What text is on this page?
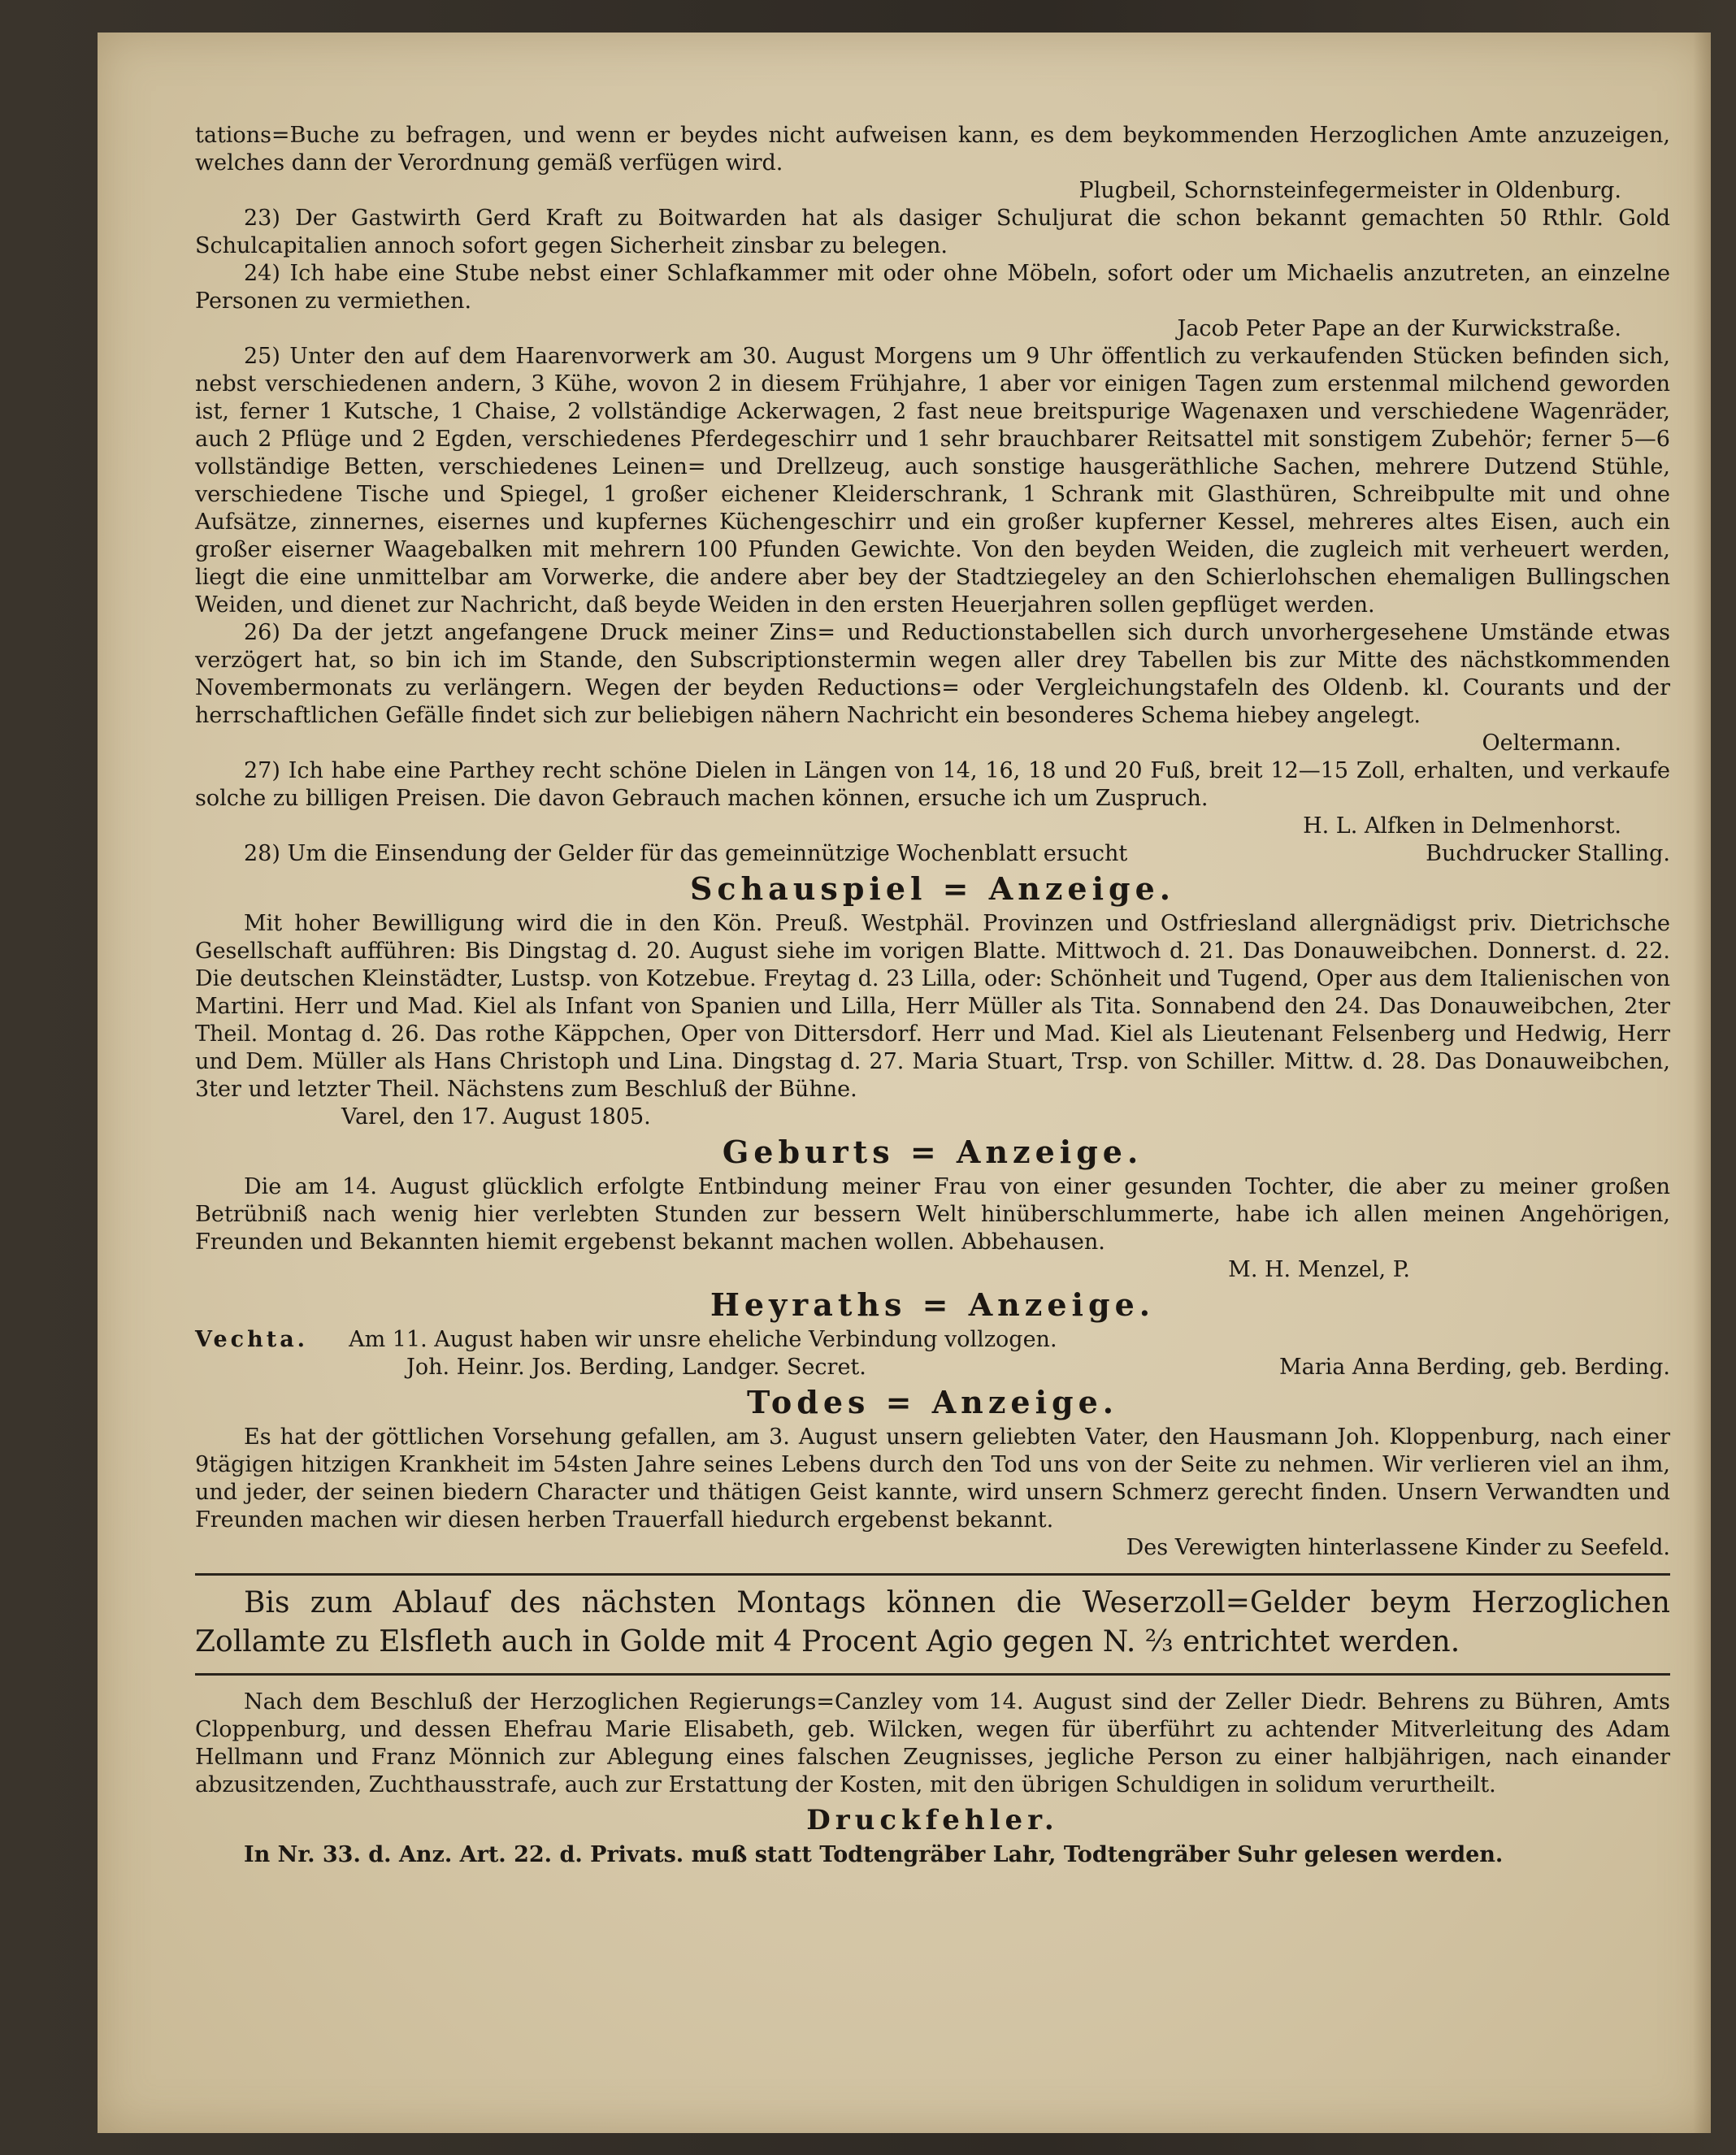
tations=Buche zu befragen, und wenn er beydes nicht aufweisen kann, es dem beykommenden Herzoglichen Amte anzuzeigen, welches dann der Verordnung gemäß verfügen wird.

Plugbeil, Schornsteinfegermeister in Oldenburg.

23) Der Gastwirth Gerd Kraft zu Boitwarden hat als dasiger Schuljurat die schon bekannt gemachten 50 Rthlr. Gold Schulcapitalien annoch sofort gegen Sicherheit zinsbar zu belegen.

24) Ich habe eine Stube nebst einer Schlafkammer mit oder ohne Möbeln, sofort oder um Michaelis anzutreten, an einzelne Personen zu vermiethen.

Jacob Peter Pape an der Kurwickstraße.

25) Unter den auf dem Haarenvorwerk am 30. August Morgens um 9 Uhr öffentlich zu verkaufenden Stücken befinden sich, nebst verschiedenen andern, 3 Kühe, wovon 2 in diesem Frühjahre, 1 aber vor einigen Tagen zum erstenmal milchend geworden ist, ferner 1 Kutsche, 1 Chaise, 2 vollständige Ackerwagen, 2 fast neue breitspurige Wagenaxen und verschiedene Wagenräder, auch 2 Pflüge und 2 Egden, verschiedenes Pferdegeschirr und 1 sehr brauchbarer Reitsattel mit sonstigem Zubehör; ferner 5—6 vollständige Betten, verschiedenes Leinen= und Drellzeug, auch sonstige hausgeräthliche Sachen, mehrere Dutzend Stühle, verschiedene Tische und Spiegel, 1 großer eichener Kleiderschrank, 1 Schrank mit Glasthüren, Schreibpulte mit und ohne Aufsätze, zinnernes, eisernes und kupfernes Küchengeschirr und ein großer kupferner Kessel, mehreres altes Eisen, auch ein großer eiserner Waagebalken mit mehrern 100 Pfunden Gewichte. Von den beyden Weiden, die zugleich mit verheuert werden, liegt die eine unmittelbar am Vorwerke, die andere aber bey der Stadtziegeley an den Schierlohschen ehemaligen Bullingschen Weiden, und dienet zur Nachricht, daß beyde Weiden in den ersten Heuerjahren sollen gepflüget werden.

26) Da der jetzt angefangene Druck meiner Zins= und Reductionstabellen sich durch unvorhergesehene Umstände etwas verzögert hat, so bin ich im Stande, den Subscriptionstermin wegen aller drey Tabellen bis zur Mitte des nächstkommenden Novembermonats zu verlängern. Wegen der beyden Reductions= oder Vergleichungstafeln des Oldenb. kl. Courants und der herrschaftlichen Gefälle findet sich zur beliebigen nähern Nachricht ein besonderes Schema hiebey angelegt.

Oeltermann.

27) Ich habe eine Parthey recht schöne Dielen in Längen von 14, 16, 18 und 20 Fuß, breit 12—15 Zoll, erhalten, und verkaufe solche zu billigen Preisen. Die davon Gebrauch machen können, ersuche ich um Zuspruch.

H. L. Alfken in Delmenhorst.

28) Um die Einsendung der Gelder für das gemeinnützige Wochenblatt ersucht	Buchdrucker Stalling.
Schauspiel = Anzeige.

Mit hoher Bewilligung wird die in den Kön. Preuß. Westphäl. Provinzen und Ostfriesland allergnädigst priv. Dietrichsche Gesellschaft aufführen: Bis Dingstag d. 20. August siehe im vorigen Blatte. Mittwoch d. 21. Das Donauweibchen. Donnerst. d. 22. Die deutschen Kleinstädter, Lustsp. von Kotzebue. Freytag d. 23 Lilla, oder: Schönheit und Tugend, Oper aus dem Italienischen von Martini. Herr und Mad. Kiel als Infant von Spanien und Lilla, Herr Müller als Tita. Sonnabend den 24. Das Donauweibchen, 2ter Theil. Montag d. 26. Das rothe Käppchen, Oper von Dittersdorf. Herr und Mad. Kiel als Lieutenant Felsenberg und Hedwig, Herr und Dem. Müller als Hans Christoph und Lina. Dingstag d. 27. Maria Stuart, Trsp. von Schiller. Mittw. d. 28. Das Donauweibchen, 3ter und letzter Theil. Nächstens zum Beschluß der Bühne.

Varel, den 17. August 1805.

Geburts = Anzeige.

Die am 14. August glücklich erfolgte Entbindung meiner Frau von einer gesunden Tochter, die aber zu meiner großen Betrübniß nach wenig hier verlebten Stunden zur bessern Welt hinüberschlummerte, habe ich allen meinen Angehörigen, Freunden und Bekannten hiemit ergebenst bekannt machen wollen. Abbehausen.

M. H. Menzel, P.

Heyraths = Anzeige.
Vechta. Am 11. August haben wir unsre eheliche Verbindung vollzogen.
Joh. Heinr. Jos. Berding, Landger. Secret.	Maria Anna Berding, geb. Berding.
Todes = Anzeige.

Es hat der göttlichen Vorsehung gefallen, am 3. August unsern geliebten Vater, den Hausmann Joh. Kloppenburg, nach einer 9tägigen hitzigen Krankheit im 54sten Jahre seines Lebens durch den Tod uns von der Seite zu nehmen. Wir verlieren viel an ihm, und jeder, der seinen biedern Character und thätigen Geist kannte, wird unsern Schmerz gerecht finden. Unsern Verwandten und Freunden machen wir diesen herben Trauerfall hiedurch ergebenst bekannt.

Des Verewigten hinterlassene Kinder zu Seefeld.

Bis zum Ablauf des nächsten Montags können die Weserzoll=Gelder beym Herzoglichen Zollamte zu Elsfleth auch in Golde mit 4 Procent Agio gegen N. ⅔ entrichtet werden.

Nach dem Beschluß der Herzoglichen Regierungs=Canzley vom 14. August sind der Zeller Diedr. Behrens zu Bühren, Amts Cloppenburg, und dessen Ehefrau Marie Elisabeth, geb. Wilcken, wegen für überführt zu achtender Mitverleitung des Adam Hellmann und Franz Mönnich zur Ablegung eines falschen Zeugnisses, jegliche Person zu einer halbjährigen, nach einander abzusitzenden, Zuchthausstrafe, auch zur Erstattung der Kosten, mit den übrigen Schuldigen in solidum verurtheilt.

Druckfehler.

In Nr. 33. d. Anz. Art. 22. d. Privats. muß statt Todtengräber Lahr, Todtengräber Suhr gelesen werden.
